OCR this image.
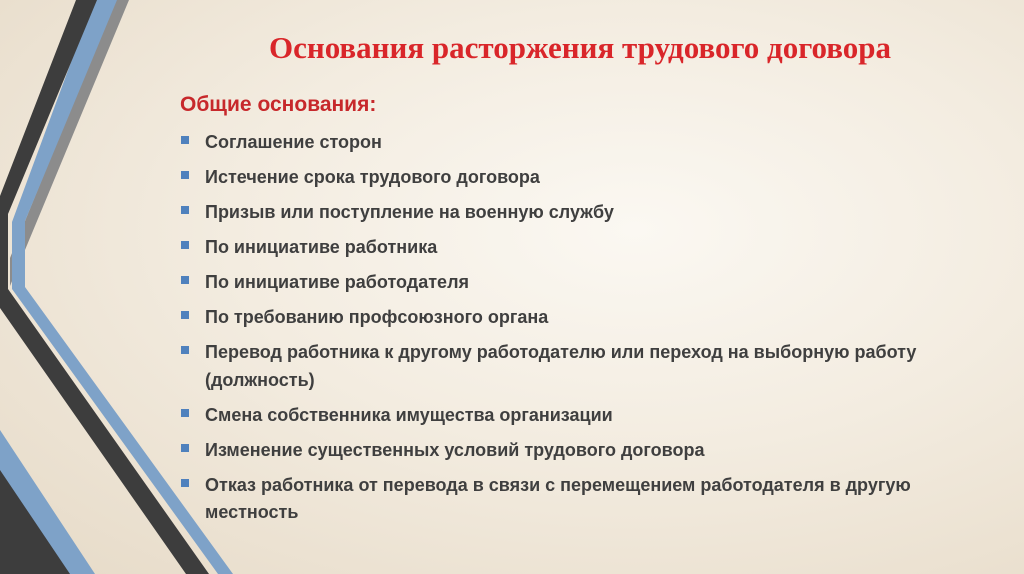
Основания расторжения трудового договора
Общие основания:
Соглашение сторон
Истечение срока трудового договора
Призыв или поступление на военную службу
По инициативе работника
По инициативе работодателя
По требованию профсоюзного органа
Перевод работника к другому работодателю или переход на выборную работу (должность)
Смена собственника имущества организации
Изменение существенных условий трудового договора
Отказ работника от перевода в связи с перемещением работодателя в другую местность
